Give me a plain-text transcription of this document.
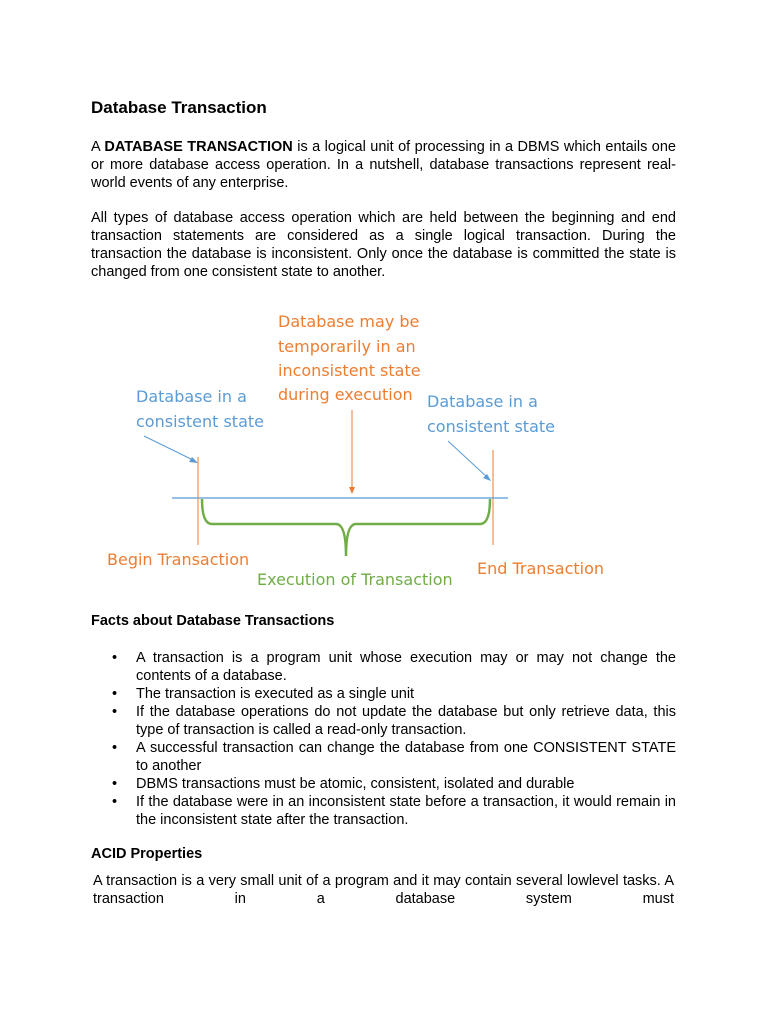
Database Transaction

A DATABASE TRANSACTION is a logical unit of processing in a DBMS which entails one or more database access operation. In a nutshell, database transactions represent real-world events of any enterprise.

All types of database access operation which are held between the beginning and end transaction statements are considered as a single logical transaction. During the transaction the database is inconsistent. Only once the database is committed the state is changed from one consistent state to another.

Database may be
temporarily in an
inconsistent state
during execution
Database in a
consistent state
Database in a
consistent state
Begin Transaction	End Transaction
Execution of Transaction
Facts about Database Transactions
• A transaction is a program unit whose execution may or may not change the contents of a database.
• The transaction is executed as a single unit
• If the database operations do not update the database but only retrieve data, this type of transaction is called a read-only transaction.
• A successful transaction can change the database from one CONSISTENT STATE to another
• DBMS transactions must be atomic, consistent, isolated and durable
• If the database were in an inconsistent state before a transaction, it would remain in the inconsistent state after the transaction.
ACID Properties

A transaction is a very small unit of a program and it may contain several lowlevel tasks. A transaction in a database system must
